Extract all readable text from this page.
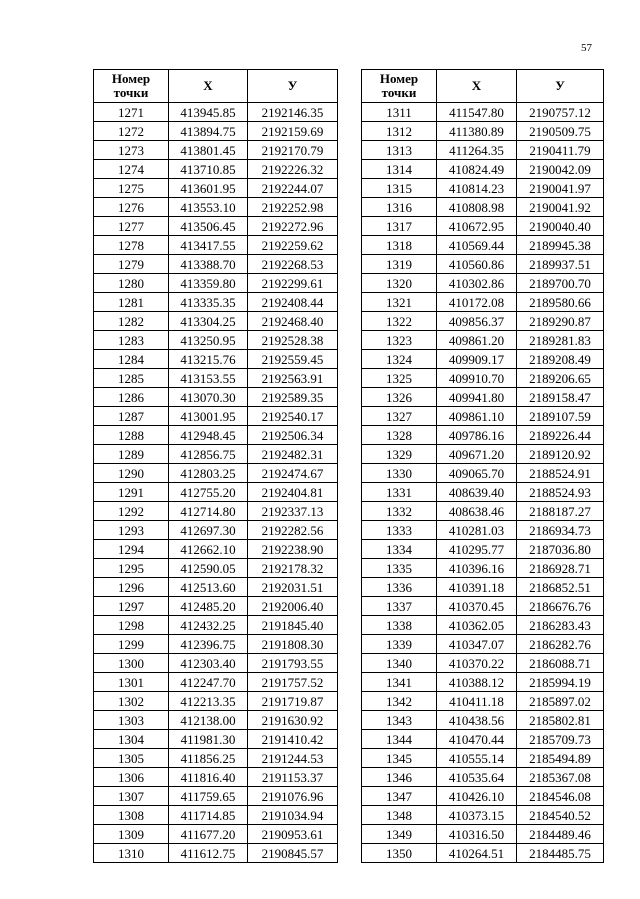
57
Номер
точки	X	У
1271	413945.85	2192146.35
1272	413894.75	2192159.69
1273	413801.45	2192170.79
1274	413710.85	2192226.32
1275	413601.95	2192244.07
1276	413553.10	2192252.98
1277	413506.45	2192272.96
1278	413417.55	2192259.62
1279	413388.70	2192268.53
1280	413359.80	2192299.61
1281	413335.35	2192408.44
1282	413304.25	2192468.40
1283	413250.95	2192528.38
1284	413215.76	2192559.45
1285	413153.55	2192563.91
1286	413070.30	2192589.35
1287	413001.95	2192540.17
1288	412948.45	2192506.34
1289	412856.75	2192482.31
1290	412803.25	2192474.67
1291	412755.20	2192404.81
1292	412714.80	2192337.13
1293	412697.30	2192282.56
1294	412662.10	2192238.90
1295	412590.05	2192178.32
1296	412513.60	2192031.51
1297	412485.20	2192006.40
1298	412432.25	2191845.40
1299	412396.75	2191808.30
1300	412303.40	2191793.55
1301	412247.70	2191757.52
1302	412213.35	2191719.87
1303	412138.00	2191630.92
1304	411981.30	2191410.42
1305	411856.25	2191244.53
1306	411816.40	2191153.37
1307	411759.65	2191076.96
1308	411714.85	2191034.94
1309	411677.20	2190953.61
1310	411612.75	2190845.57
Номер
точки	X	У
1311	411547.80	2190757.12
1312	411380.89	2190509.75
1313	411264.35	2190411.79
1314	410824.49	2190042.09
1315	410814.23	2190041.97
1316	410808.98	2190041.92
1317	410672.95	2190040.40
1318	410569.44	2189945.38
1319	410560.86	2189937.51
1320	410302.86	2189700.70
1321	410172.08	2189580.66
1322	409856.37	2189290.87
1323	409861.20	2189281.83
1324	409909.17	2189208.49
1325	409910.70	2189206.65
1326	409941.80	2189158.47
1327	409861.10	2189107.59
1328	409786.16	2189226.44
1329	409671.20	2189120.92
1330	409065.70	2188524.91
1331	408639.40	2188524.93
1332	408638.46	2188187.27
1333	410281.03	2186934.73
1334	410295.77	2187036.80
1335	410396.16	2186928.71
1336	410391.18	2186852.51
1337	410370.45	2186676.76
1338	410362.05	2186283.43
1339	410347.07	2186282.76
1340	410370.22	2186088.71
1341	410388.12	2185994.19
1342	410411.18	2185897.02
1343	410438.56	2185802.81
1344	410470.44	2185709.73
1345	410555.14	2185494.89
1346	410535.64	2185367.08
1347	410426.10	2184546.08
1348	410373.15	2184540.52
1349	410316.50	2184489.46
1350	410264.51	2184485.75
